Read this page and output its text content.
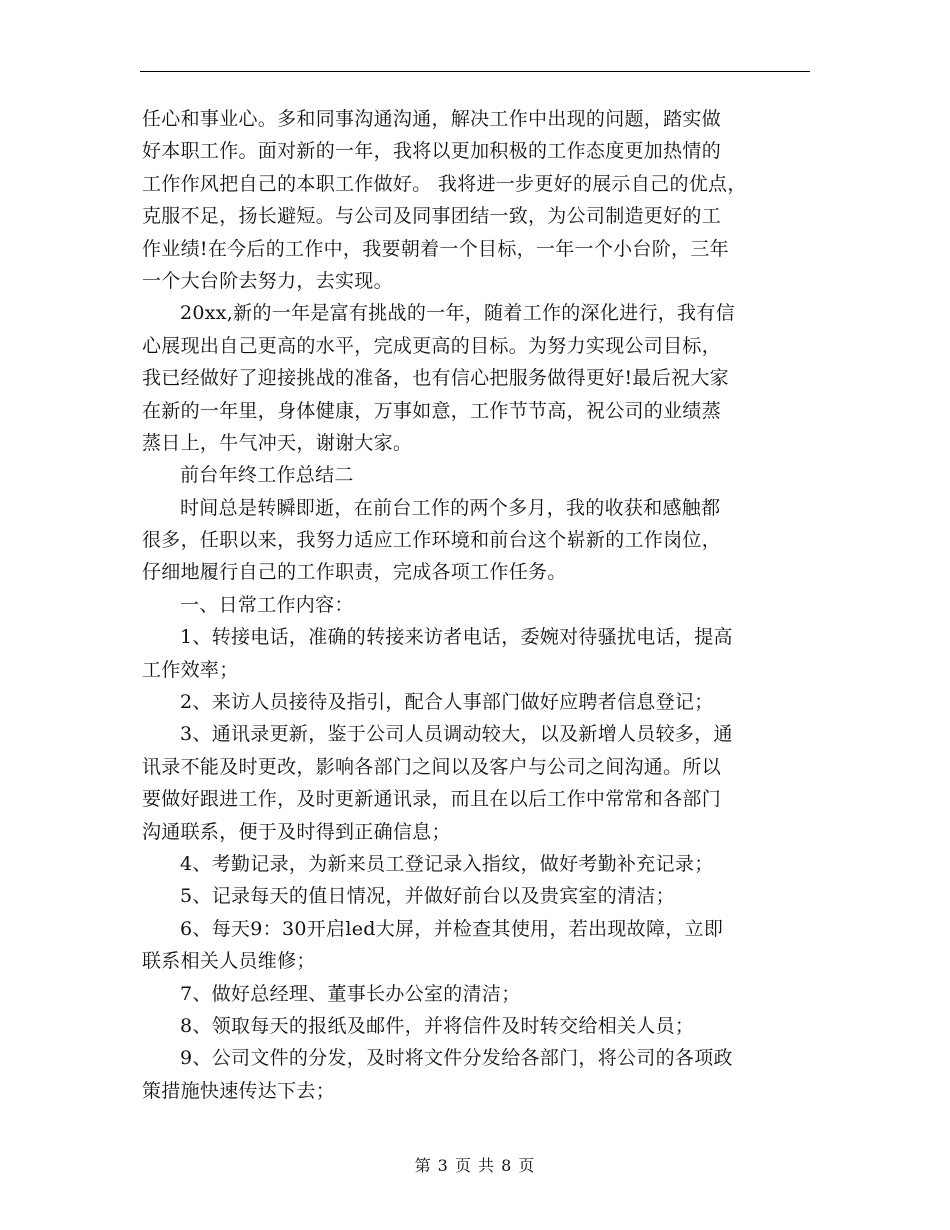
任心和事业心。多和同事沟通沟通，解决工作中出现的问题，踏实做
好本职工作。面对新的一年，我将以更加积极的工作态度更加热情的
工作作风把自己的本职工作做好。 我将进一步更好的展示自己的优点，
克服不足，扬长避短。与公司及同事团结一致，为公司制造更好的工
作业绩!在今后的工作中，我要朝着一个目标，一年一个小台阶，三年
一个大台阶去努力，去实现。
20xx,新的一年是富有挑战的一年，随着工作的深化进行，我有信
心展现出自己更高的水平，完成更高的目标。为努力实现公司目标，
我已经做好了迎接挑战的准备，也有信心把服务做得更好!最后祝大家
在新的一年里，身体健康，万事如意，工作节节高，祝公司的业绩蒸
蒸日上，牛气冲天，谢谢大家。
前台年终工作总结二
时间总是转瞬即逝，在前台工作的两个多月，我的收获和感触都
很多，任职以来，我努力适应工作环境和前台这个崭新的工作岗位，
仔细地履行自己的工作职责，完成各项工作任务。
一、日常工作内容：
1、转接电话，准确的转接来访者电话，委婉对待骚扰电话，提高
工作效率；
2、来访人员接待及指引，配合人事部门做好应聘者信息登记；
3、通讯录更新，鉴于公司人员调动较大，以及新增人员较多，通
讯录不能及时更改，影响各部门之间以及客户与公司之间沟通。所以
要做好跟进工作，及时更新通讯录，而且在以后工作中常常和各部门
沟通联系，便于及时得到正确信息；
4、考勤记录，为新来员工登记录入指纹，做好考勤补充记录；
5、记录每天的值日情况，并做好前台以及贵宾室的清洁；
6、每天9：30开启led大屏，并检查其使用，若出现故障，立即
联系相关人员维修；
7、做好总经理、董事长办公室的清洁；
8、领取每天的报纸及邮件，并将信件及时转交给相关人员；
9、公司文件的分发，及时将文件分发给各部门，将公司的各项政
策措施快速传达下去；
第 3 页 共 8 页
